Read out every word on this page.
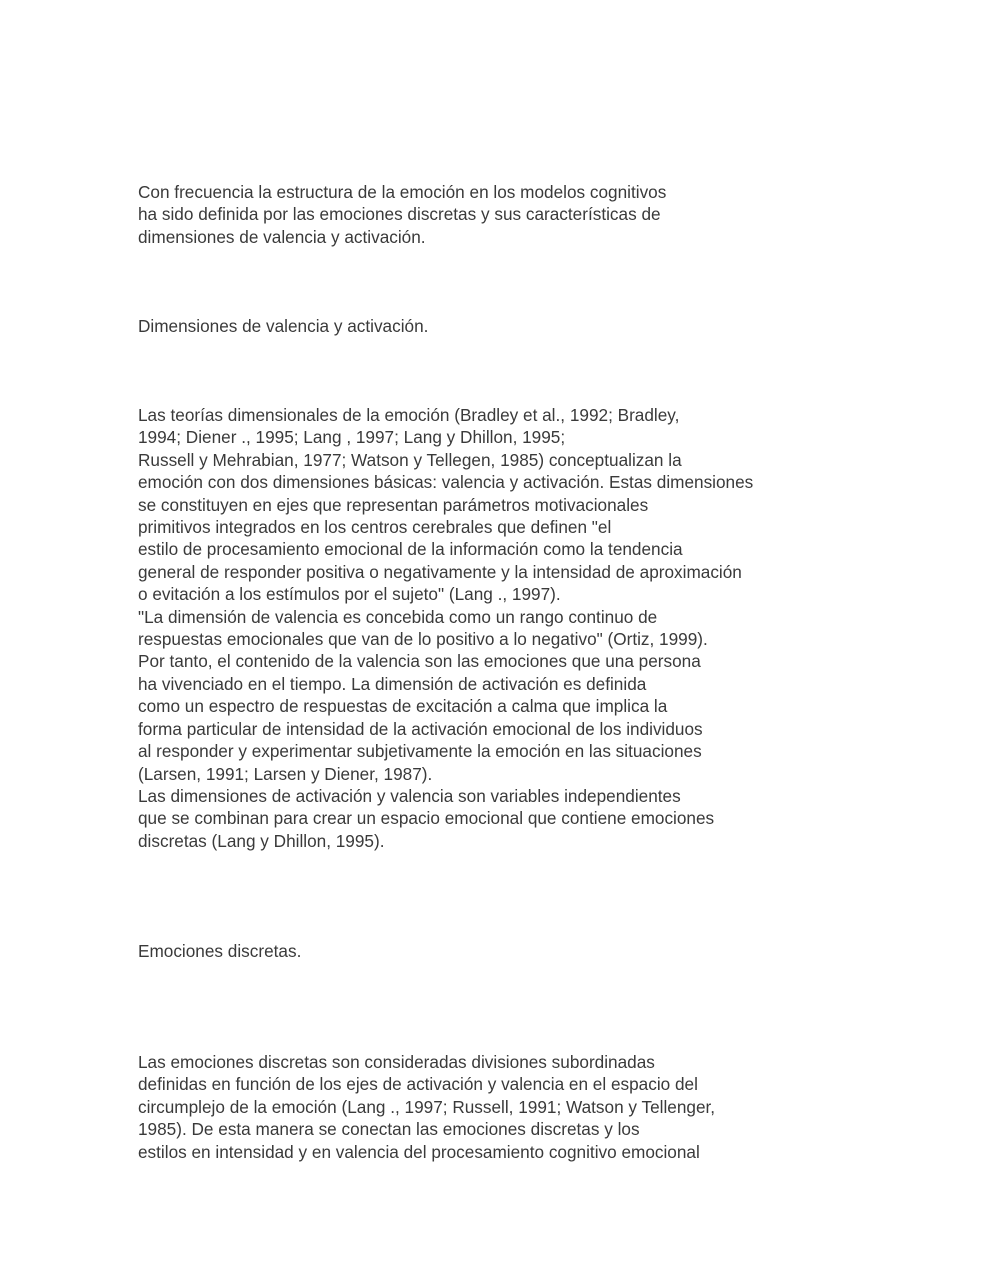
Con frecuencia la estructura de la emoción en los modelos cognitivos
ha sido definida por las emociones discretas y sus características de
dimensiones de valencia y activación.

Dimensiones de valencia y activación.

Las teorías dimensionales de la emoción (Bradley et al., 1992; Bradley,
1994; Diener ., 1995; Lang , 1997; Lang y Dhillon, 1995;
Russell y Mehrabian, 1977; Watson y Tellegen, 1985) conceptualizan la
emoción con dos dimensiones básicas: valencia y activación. Estas dimensiones
se constituyen en ejes que representan parámetros motivacionales
primitivos integrados en los centros cerebrales que definen "el
estilo de procesamiento emocional de la información como la tendencia
general de responder positiva o negativamente y la intensidad de aproximación
o evitación a los estímulos por el sujeto" (Lang ., 1997).
"La dimensión de valencia es concebida como un rango continuo de
respuestas emocionales que van de lo positivo a lo negativo" (Ortiz, 1999).
Por tanto, el contenido de la valencia son las emociones que una persona
ha vivenciado en el tiempo. La dimensión de activación es definida
como un espectro de respuestas de excitación a calma que implica la
forma particular de intensidad de la activación emocional de los individuos
al responder y experimentar subjetivamente la emoción en las situaciones
(Larsen, 1991; Larsen y Diener, 1987).
Las dimensiones de activación y valencia son variables independientes
que se combinan para crear un espacio emocional que contiene emociones
discretas (Lang y Dhillon, 1995).

Emociones discretas.

Las emociones discretas son consideradas divisiones subordinadas
definidas en función de los ejes de activación y valencia en el espacio del
circumplejo de la emoción (Lang ., 1997; Russell, 1991; Watson y Tellenger,
1985). De esta manera se conectan las emociones discretas y los
estilos en intensidad y en valencia del procesamiento cognitivo emocional
